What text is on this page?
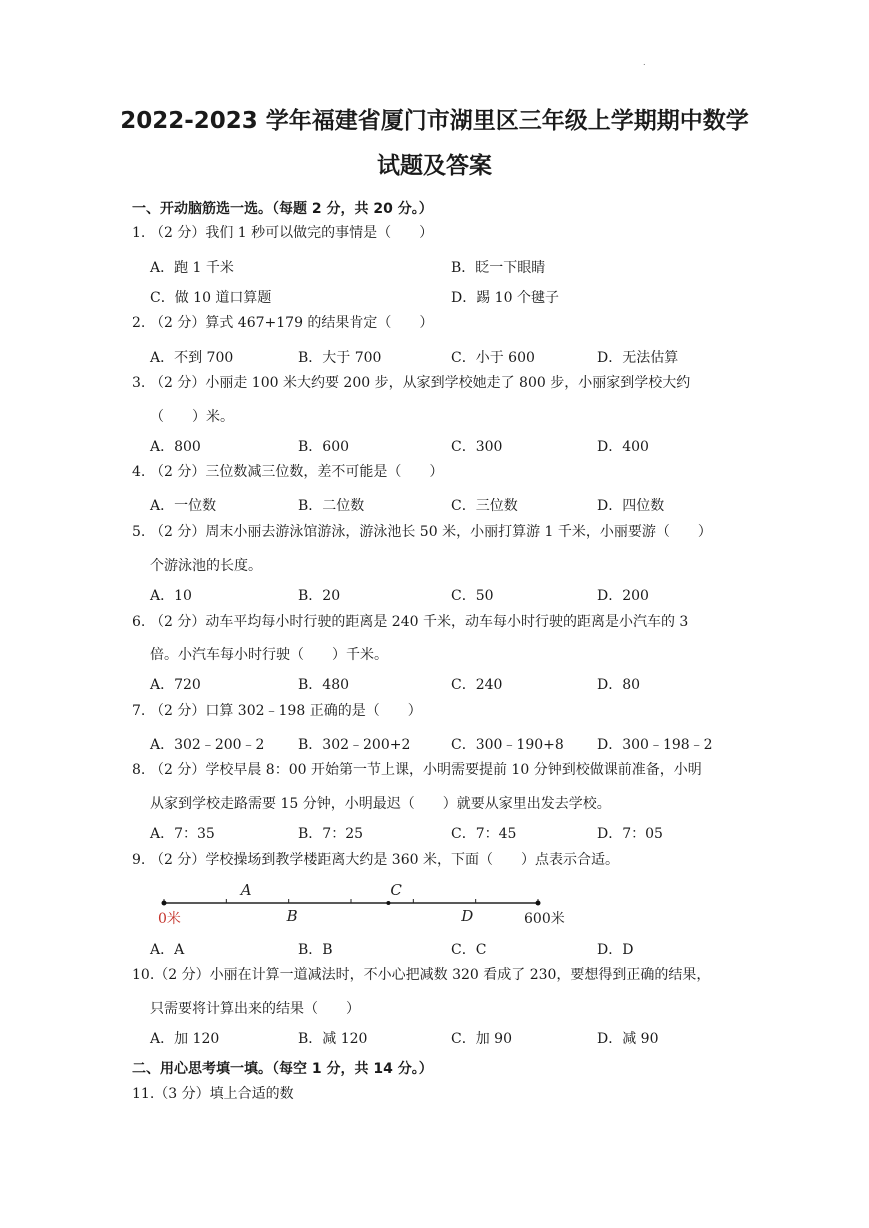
.
2022-2023 学年福建省厦门市湖里区三年级上学期期中数学
试题及答案
一、开动脑筋选一选。（每题 2 分，共 20 分。）
1. （2 分）我们 1 秒可以做完的事情是（　　）
A．跑 1 千米	B．眨一下眼睛
C．做 10 道口算题	D．踢 10 个毽子
2. （2 分）算式 467+179 的结果肯定（　　）
A．不到 700	B．大于 700	C．小于 600	D．无法估算
3. （2 分）小丽走 100 米大约要 200 步，从家到学校她走了 800 步，小丽家到学校大约
（　　）米。
A．800	B．600	C．300	D．400
4. （2 分）三位数减三位数，差不可能是（　　）
A．一位数	B．二位数	C．三位数	D．四位数
5. （2 分）周末小丽去游泳馆游泳，游泳池长 50 米，小丽打算游 1 千米，小丽要游（　　）
个游泳池的长度。
A．10	B．20	C．50	D．200
6. （2 分）动车平均每小时行驶的距离是 240 千米，动车每小时行驶的距离是小汽车的 3
倍。小汽车每小时行驶（　　）千米。
A．720	B．480	C．240	D．80
7. （2 分）口算 302﹣198 正确的是（　　）
A．302﹣200﹣2 B．302﹣200+2	C．300﹣190+8 D．300﹣198﹣2
8. （2 分）学校早晨 8：00 开始第一节上课，小明需要提前 10 分钟到校做课前准备，小明
从家到学校走路需要 15 分钟，小明最迟（　　）就要从家里出发去学校。
A．7：35	B．7：25	C．7：45	D．7：05
9. （2 分）学校操场到教学楼距离大约是 360 米，下面（　　）点表示合适。
0米	600米
A
B
C
D
A．A	B．B	C．C	D．D
10.（2 分）小丽在计算一道减法时，不小心把减数 320 看成了 230，要想得到正确的结果，
只需要将计算出来的结果（　　）
A．加 120	B．减 120	C．加 90	D．减 90
二、用心思考填一填。（每空 1 分，共 14 分。）
11.（3 分）填上合适的数
